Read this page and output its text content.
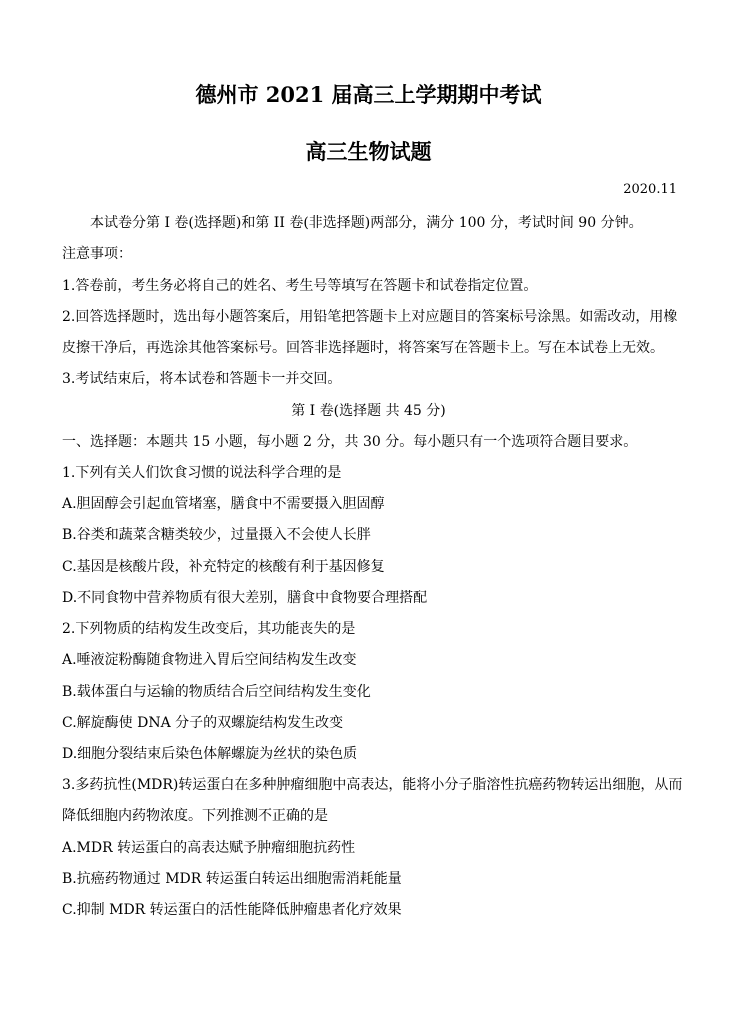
德州市 2021 届高三上学期期中考试
高三生物试题
2020.11
本试卷分第 I 卷(选择题)和第 II 卷(非选择题)两部分，满分 100 分，考试时间 90 分钟。
注意事项：
1.答卷前，考生务必将自己的姓名、考生号等填写在答题卡和试卷指定位置。
2.回答选择题时，选出每小题答案后，用铅笔把答题卡上对应题目的答案标号涂黑。如需改动，用橡
皮擦干净后，再选涂其他答案标号。回答非选择题时，将答案写在答题卡上。写在本试卷上无效。
3.考试结束后，将本试卷和答题卡一并交回。
第 I 卷(选择题 共 45 分)
一、选择题：本题共 15 小题，每小题 2 分，共 30 分。每小题只有一个选项符合题目要求。
1.下列有关人们饮食习惯的说法科学合理的是
A.胆固醇会引起血管堵塞，膳食中不需要摄入胆固醇
B.谷类和蔬菜含糖类较少，过量摄入不会使人长胖
C.基因是核酸片段，补充特定的核酸有利于基因修复
D.不同食物中营养物质有很大差别，膳食中食物要合理搭配
2.下列物质的结构发生改变后，其功能丧失的是
A.唾液淀粉酶随食物进入胃后空间结构发生改变
B.载体蛋白与运输的物质结合后空间结构发生变化
C.解旋酶使 DNA 分子的双螺旋结构发生改变
D.细胞分裂结束后染色体解螺旋为丝状的染色质
3.多药抗性(MDR)转运蛋白在多种肿瘤细胞中高表达，能将小分子脂溶性抗癌药物转运出细胞，从而
降低细胞内药物浓度。下列推测不正确的是
A.MDR 转运蛋白的高表达赋予肿瘤细胞抗药性
B.抗癌药物通过 MDR 转运蛋白转运出细胞需消耗能量
C.抑制 MDR 转运蛋白的活性能降低肿瘤患者化疗效果
